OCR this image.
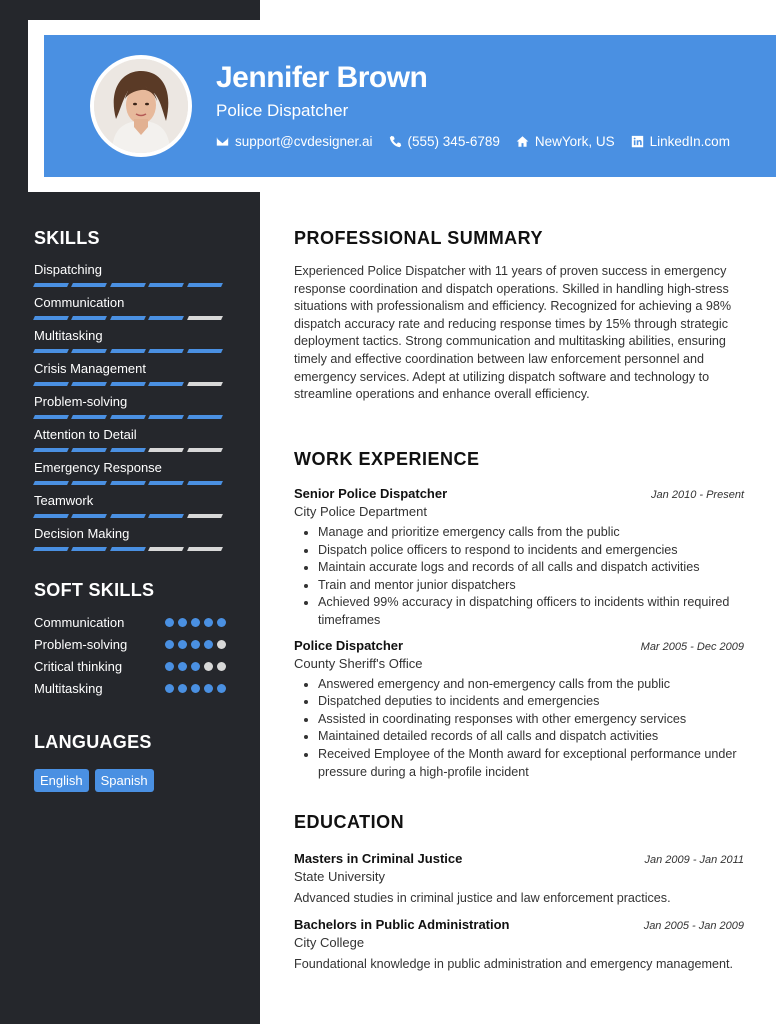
Jennifer Brown
Police Dispatcher
support@cvdesigner.ai	(555) 345-6789	NewYork, US	LinkedIn.com
SKILLS
Dispatching
Communication
Multitasking
Crisis Management
Problem-solving
Attention to Detail
Emergency Response
Teamwork
Decision Making
SOFT SKILLS
Communication
Problem-solving
Critical thinking
Multitasking
LANGUAGES
English	Spanish
PROFESSIONAL SUMMARY
Experienced Police Dispatcher with 11 years of proven success in emergency response coordination and dispatch operations. Skilled in handling high-stress situations with professionalism and efficiency. Recognized for achieving a 98% dispatch accuracy rate and reducing response times by 15% through strategic deployment tactics. Strong communication and multitasking abilities, ensuring timely and effective coordination between law enforcement personnel and emergency services. Adept at utilizing dispatch software and technology to streamline operations and enhance overall efficiency.
WORK EXPERIENCE
Senior Police Dispatcher	Jan 2010 - Present
City Police Department
• Manage and prioritize emergency calls from the public
• Dispatch police officers to respond to incidents and emergencies
• Maintain accurate logs and records of all calls and dispatch activities
• Train and mentor junior dispatchers
• Achieved 99% accuracy in dispatching officers to incidents within required timeframes
Police Dispatcher	Mar 2005 - Dec 2009
County Sheriff's Office
• Answered emergency and non-emergency calls from the public
• Dispatched deputies to incidents and emergencies
• Assisted in coordinating responses with other emergency services
• Maintained detailed records of all calls and dispatch activities
• Received Employee of the Month award for exceptional performance under pressure during a high-profile incident
EDUCATION
Masters in Criminal Justice	Jan 2009 - Jan 2011
State University
Advanced studies in criminal justice and law enforcement practices.
Bachelors in Public Administration	Jan 2005 - Jan 2009
City College
Foundational knowledge in public administration and emergency management.
